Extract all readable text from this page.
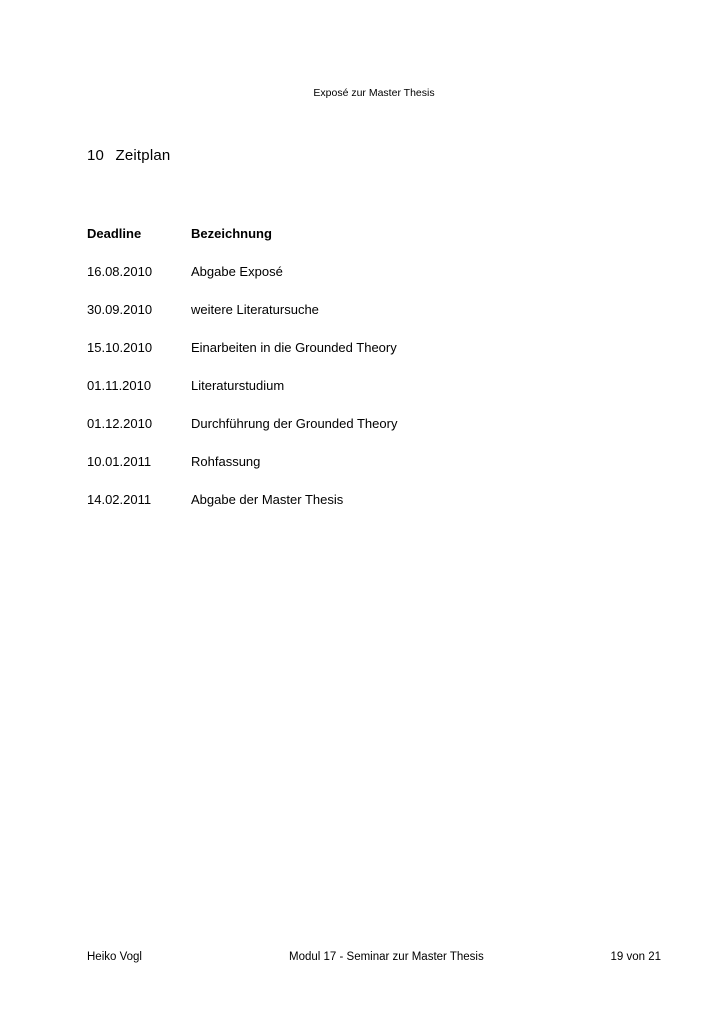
Exposé zur Master Thesis
10 Zeitplan
Deadline	Bezeichnung
16.08.2010	Abgabe Exposé
30.09.2010	weitere Literatursuche
15.10.2010	Einarbeiten in die Grounded Theory
01.11.2010	Literaturstudium
01.12.2010	Durchführung der Grounded Theory
10.01.2011	Rohfassung
14.02.2011	Abgabe der Master Thesis
Heiko Vogl	Modul 17 - Seminar zur Master Thesis	19 von 21
